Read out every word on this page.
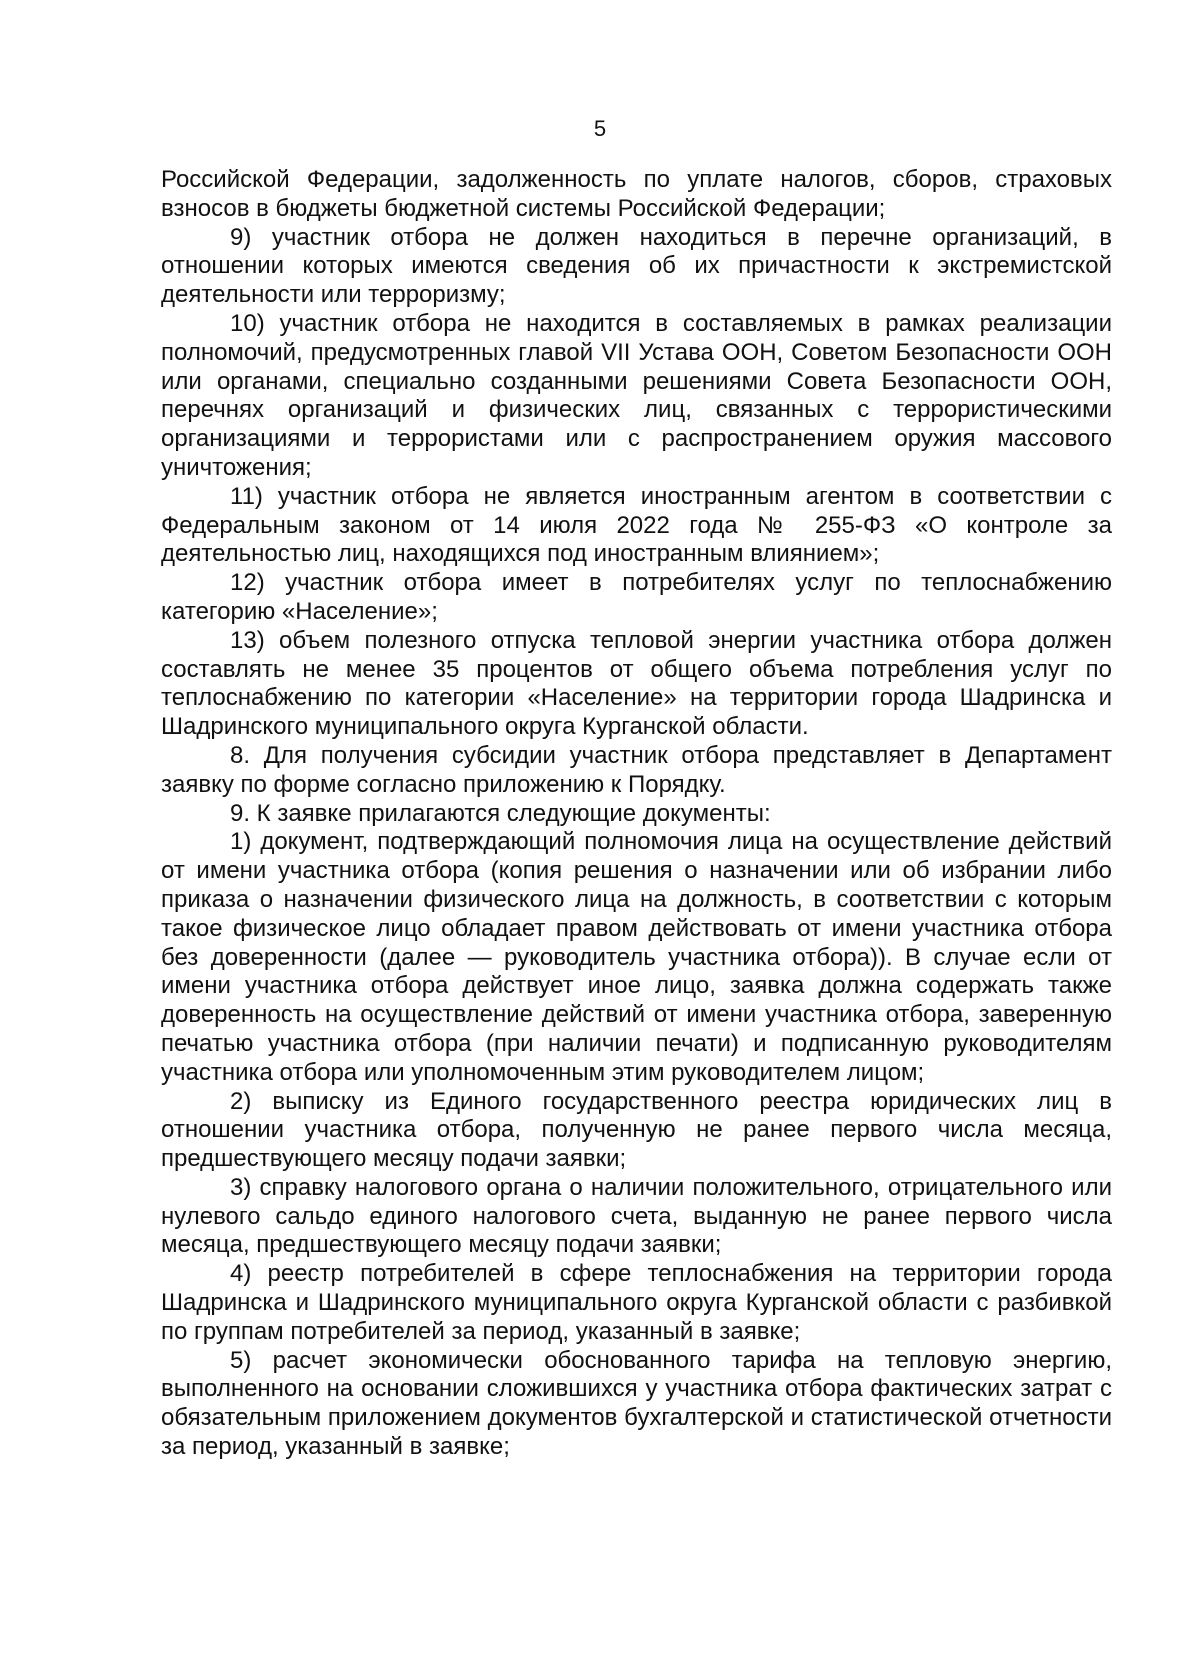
5

Российской Федерации, задолженность по уплате налогов, сборов, страховых взносов в бюджеты бюджетной системы Российской Федерации;

9) участник отбора не должен находиться в перечне организаций, в отношении которых имеются сведения об их причастности к экстремистской деятельности или терроризму;

10) участник отбора не находится в составляемых в рамках реализации полномочий, предусмотренных главой VII Устава ООН, Советом Безопасности ООН или органами, специально созданными решениями Совета Безопасности ООН, перечнях организаций и физических лиц, связанных с террористическими организациями и террористами или с распространением оружия массового уничтожения;

11) участник отбора не является иностранным агентом в соответствии с Федеральным законом от 14 июля 2022 года № 255-ФЗ «О контроле за деятельностью лиц, находящихся под иностранным влиянием»;

12) участник отбора имеет в потребителях услуг по теплоснабжению категорию «Население»;

13) объем полезного отпуска тепловой энергии участника отбора должен составлять не менее 35 процентов от общего объема потребления услуг по теплоснабжению по категории «Население» на территории города Шадринска и Шадринского муниципального округа Курганской области.

8. Для получения субсидии участник отбора представляет в Департамент заявку по форме согласно приложению к Порядку.

9. К заявке прилагаются следующие документы:

1) документ, подтверждающий полномочия лица на осуществление действий от имени участника отбора (копия решения о назначении или об избрании либо приказа о назначении физического лица на должность, в соответствии с которым такое физическое лицо обладает правом действовать от имени участника отбора без доверенности (далее — руководитель участника отбора)). В случае если от имени участника отбора действует иное лицо, заявка должна содержать также доверенность на осуществление действий от имени участника отбора, заверенную печатью участника отбора (при наличии печати) и подписанную руководителям участника отбора или уполномоченным этим руководителем лицом;

2) выписку из Единого государственного реестра юридических лиц в отношении участника отбора, полученную не ранее первого числа месяца, предшествующего месяцу подачи заявки;

3) справку налогового органа о наличии положительного, отрицательного или нулевого сальдо единого налогового счета, выданную не ранее первого числа месяца, предшествующего месяцу подачи заявки;

4) реестр потребителей в сфере теплоснабжения на территории города Шадринска и Шадринского муниципального округа Курганской области с разбивкой по группам потребителей за период, указанный в заявке;

5) расчет экономически обоснованного тарифа на тепловую энергию, выполненного на основании сложившихся у участника отбора фактических затрат с обязательным приложением документов бухгалтерской и статистической отчетности за период, указанный в заявке;
